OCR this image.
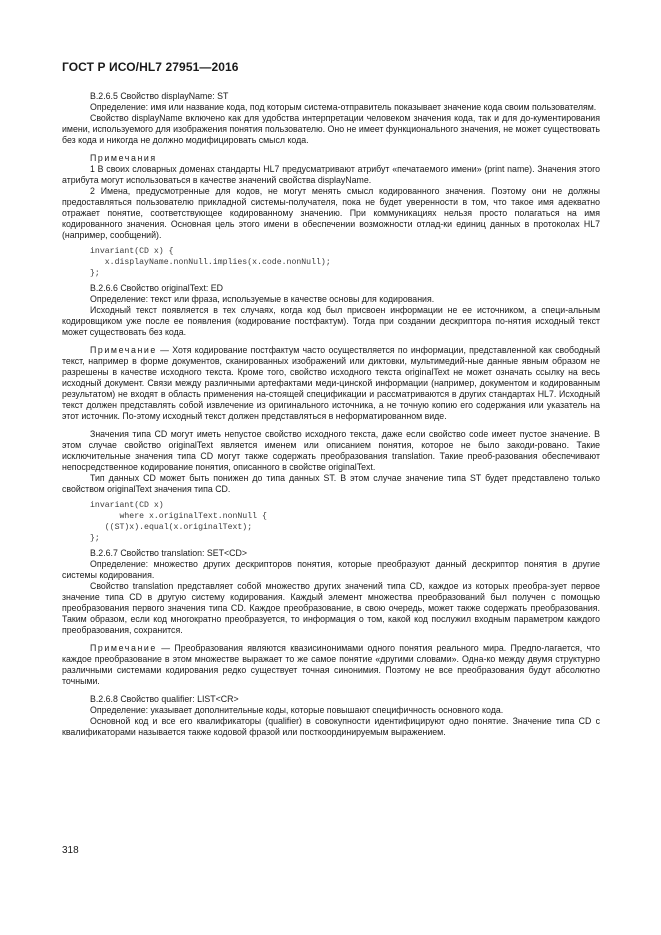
ГОСТ Р ИСО/HL7 27951—2016

B.2.6.5 Свойство displayName: ST

Определение: имя или название кода, под которым система-отправитель показывает значение кода своим пользователям.

Свойство displayName включено как для удобства интерпретации человеком значения кода, так и для до-кументирования имени, используемого для изображения понятия пользователю. Оно не имеет функционального значения, не может существовать без кода и никогда не должно модифицировать смысл кода.

Примечания

1 В своих словарных доменах стандарты HL7 предусматривают атрибут «печатаемого имени» (print name). Значения этого атрибута могут использоваться в качестве значений свойства displayName.

2 Имена, предусмотренные для кодов, не могут менять смысл кодированного значения. Поэтому они не должны предоставляться пользователю прикладной системы-получателя, пока не будет уверенности в том, что такое имя адекватно отражает понятие, соответствующее кодированному значению. При коммуникациях нельзя просто полагаться на имя кодированного значения. Основная цель этого имени в обеспечении возможности отлад-ки единиц данных в протоколах HL7 (например, сообщений).

invariant(CD x) {
x.displayName.nonNull.implies(x.code.nonNull);
};

B.2.6.6 Свойство originalText: ED

Определение: текст или фраза, используемые в качестве основы для кодирования.

Исходный текст появляется в тех случаях, когда код был присвоен информации не ее источником, а специ-альным кодировщиком уже после ее появления (кодирование постфактум). Тогда при создании дескриптора по-нятия исходный текст может существовать без кода.

Примечание — Хотя кодирование постфактум часто осуществляется по информации, представленной как свободный текст, например в форме документов, сканированных изображений или диктовки, мультимедий-ные данные явным образом не разрешены в качестве исходного текста. Кроме того, свойство исходного текста originalText не может означать ссылку на весь исходный документ. Связи между различными артефактами меди-цинской информации (например, документом и кодированным результатом) не входят в область применения на-стоящей спецификации и рассматриваются в других стандартах HL7. Исходный текст должен представлять собой извлечение из оригинального источника, а не точную копию его содержания или указатель на этот источник. По-этому исходный текст должен представляться в неформатированном виде.

Значения типа CD могут иметь непустое свойство исходного текста, даже если свойство code имеет пустое значение. В этом случае свойство originalText является именем или описанием понятия, которое не было закоди-ровано. Такие исключительные значения типа CD могут также содержать преобразования translation. Такие преоб-разования обеспечивают непосредственное кодирование понятия, описанного в свойстве originalText.

Тип данных CD может быть понижен до типа данных ST. В этом случае значение типа ST будет представлено только свойством originalText значения типа CD.

invariant(CD x)
where x.originalText.nonNull {
((ST)x).equal(x.originalText);
};

B.2.6.7 Свойство translation: SET<CD>

Определение: множество других дескрипторов понятия, которые преобразуют данный дескриптор понятия в другие системы кодирования.

Свойство translation представляет собой множество других значений типа CD, каждое из которых преобра-зует первое значение типа CD в другую систему кодирования. Каждый элемент множества преобразований был получен с помощью преобразования первого значения типа CD. Каждое преобразование, в свою очередь, может также содержать преобразования. Таким образом, если код многократно преобразуется, то информация о том, какой код послужил входным параметром каждого преобразования, сохранится.

Примечание — Преобразования являются квазисинонимами одного понятия реального мира. Предпо-лагается, что каждое преобразование в этом множестве выражает то же самое понятие «другими словами». Одна-ко между двумя структурно различными системами кодирования редко существует точная синонимия. Поэтому не все преобразования будут абсолютно точными.

B.2.6.8 Свойство qualifier: LIST<CR>

Определение: указывает дополнительные коды, которые повышают специфичность основного кода.

Основной код и все его квалификаторы (qualifier) в совокупности идентифицируют одно понятие. Значение типа CD с квалификаторами называется также кодовой фразой или посткоординируемым выражением.

318
